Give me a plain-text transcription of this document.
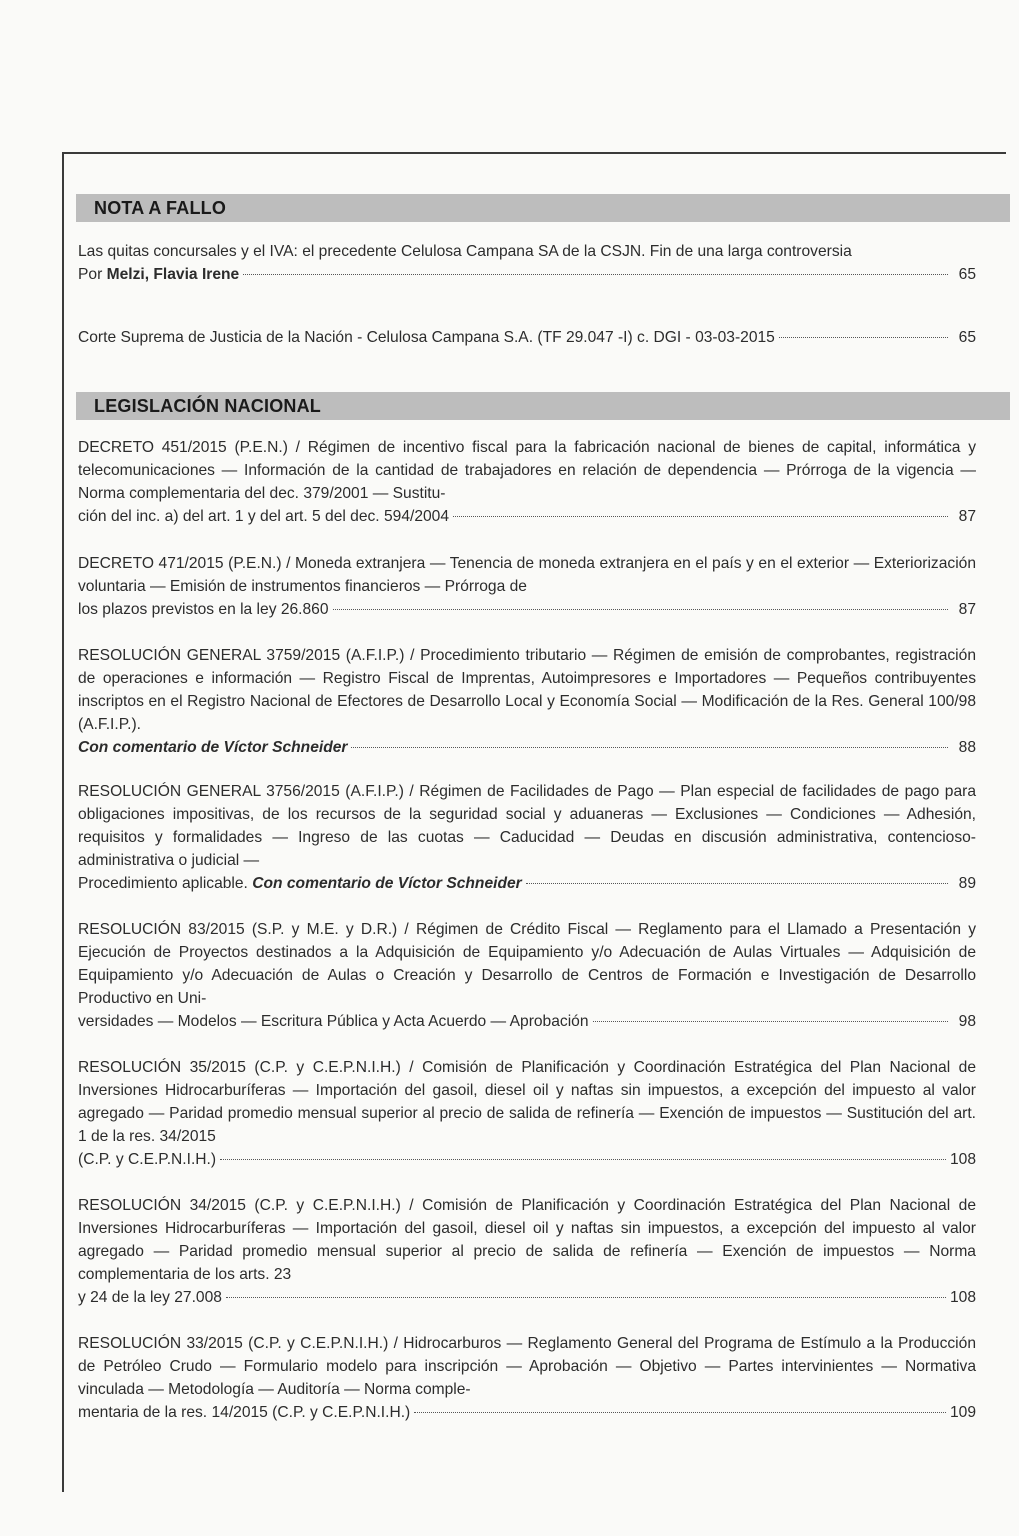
NOTA A FALLO
Las quitas concursales y el IVA: el precedente Celulosa Campana SA de la CSJN. Fin de una larga controversia
Por Melzi, Flavia Irene	65
Corte Suprema de Justicia de la Nación - Celulosa Campana S.A. (TF 29.047 -I) c. DGI - 03-03-2015	65
LEGISLACIÓN NACIONAL
DECRETO 451/2015 (P.E.N.) / Régimen de incentivo fiscal para la fabricación nacional de bienes de capital, informática y telecomunicaciones — Información de la cantidad de trabajadores en relación de dependencia — Prórroga de la vigencia — Norma complementaria del dec. 379/2001 — Sustitu-
ción del inc. a) del art. 1 y del art. 5 del dec. 594/2004	87
DECRETO 471/2015 (P.E.N.) / Moneda extranjera — Tenencia de moneda extranjera en el país y en el exterior — Exteriorización voluntaria — Emisión de instrumentos financieros — Prórroga de
los plazos previstos en la ley 26.860	87
RESOLUCIÓN GENERAL 3759/2015 (A.F.I.P.) / Procedimiento tributario — Régimen de emisión de comprobantes, registración de operaciones e información — Registro Fiscal de Imprentas, Autoimpresores e Importadores — Pequeños contribuyentes inscriptos en el Registro Nacional de Efectores de Desarrollo Local y Economía Social — Modificación de la Res. General 100/98 (A.F.I.P.).
Con comentario de Víctor Schneider	88
RESOLUCIÓN GENERAL 3756/2015 (A.F.I.P.) / Régimen de Facilidades de Pago — Plan especial de facilidades de pago para obligaciones impositivas, de los recursos de la seguridad social y aduaneras — Exclusiones — Condiciones — Adhesión, requisitos y formalidades — Ingreso de las cuotas — Caducidad — Deudas en discusión administrativa, contencioso-administrativa o judicial —
Procedimiento aplicable. Con comentario de Víctor Schneider	89
RESOLUCIÓN 83/2015 (S.P. y M.E. y D.R.) / Régimen de Crédito Fiscal — Reglamento para el Llamado a Presentación y Ejecución de Proyectos destinados a la Adquisición de Equipamiento y/o Adecuación de Aulas Virtuales — Adquisición de Equipamiento y/o Adecuación de Aulas o Creación y Desarrollo de Centros de Formación e Investigación de Desarrollo Productivo en Uni-
versidades — Modelos — Escritura Pública y Acta Acuerdo — Aprobación	98
RESOLUCIÓN 35/2015 (C.P. y C.E.P.N.I.H.) / Comisión de Planificación y Coordinación Estratégica del Plan Nacional de Inversiones Hidrocarburíferas — Importación del gasoil, diesel oil y naftas sin impuestos, a excepción del impuesto al valor agregado — Paridad promedio mensual superior al precio de salida de refinería — Exención de impuestos — Sustitución del art. 1 de la res. 34/2015
(C.P. y C.E.P.N.I.H.)	108
RESOLUCIÓN 34/2015 (C.P. y C.E.P.N.I.H.) / Comisión de Planificación y Coordinación Estratégica del Plan Nacional de Inversiones Hidrocarburíferas — Importación del gasoil, diesel oil y naftas sin impuestos, a excepción del impuesto al valor agregado — Paridad promedio mensual superior al precio de salida de refinería — Exención de impuestos — Norma complementaria de los arts. 23
y 24 de la ley 27.008	108
RESOLUCIÓN 33/2015 (C.P. y C.E.P.N.I.H.) / Hidrocarburos — Reglamento General del Programa de Estímulo a la Producción de Petróleo Crudo — Formulario modelo para inscripción — Aprobación — Objetivo — Partes intervinientes — Normativa vinculada — Metodología — Auditoría — Norma comple-
mentaria de la res. 14/2015 (C.P. y C.E.P.N.I.H.)	109
